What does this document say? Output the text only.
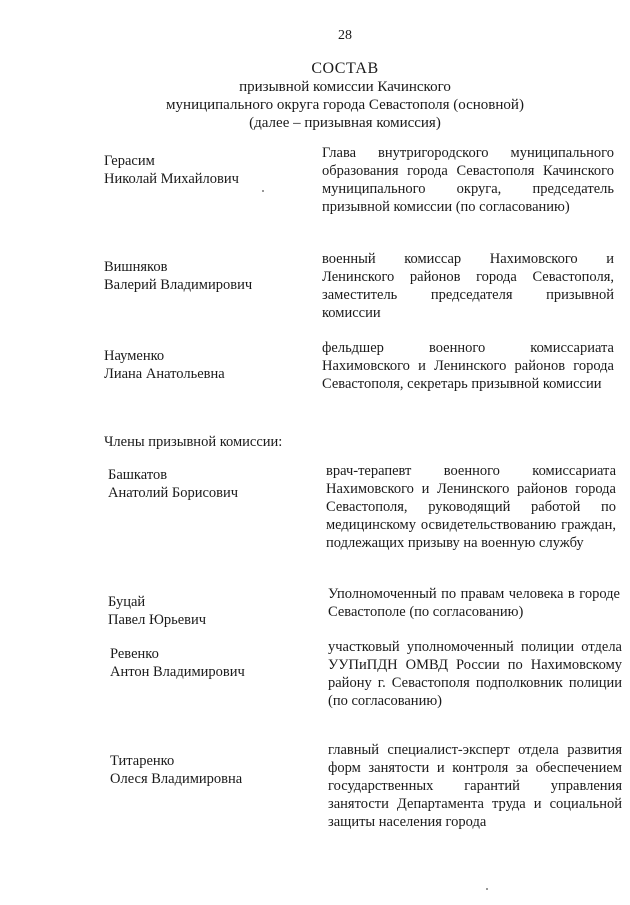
28
СОСТАВ
призывной комиссии Качинского
муниципального округа города Севастополя (основной)
(далее – призывная комиссия)
Герасим
Николай Михайлович
Глава внутригородского муниципального образования города Севастополя Качинского муниципального округа, председатель призывной комиссии (по согласованию)
Вишняков
Валерий Владимирович
военный комиссар Нахимовского и Ленинского районов города Севастополя, заместитель председателя призывной комиссии
Науменко
Лиана Анатольевна
фельдшер военного комиссариата Нахимовского и Ленинского районов города Севастополя, секретарь призывной комиссии
Члены призывной комиссии:
Башкатов
Анатолий Борисович
врач-терапевт военного комиссариата Нахимовского и Ленинского районов города Севастополя, руководящий работой по медицинскому освидетельствованию граждан, подлежащих призыву на военную службу
Буцай
Павел Юрьевич
Уполномоченный по правам человека в городе Севастополе (по согласованию)
Ревенко
Антон Владимирович
участковый уполномоченный полиции отдела УУПиПДН ОМВД России по Нахимовскому району г. Севастополя подполковник полиции (по согласованию)
Титаренко
Олеся Владимировна
главный специалист-эксперт отдела развития форм занятости и контроля за обеспечением государственных гарантий управления занятости Департамента труда и социальной защиты населения города
